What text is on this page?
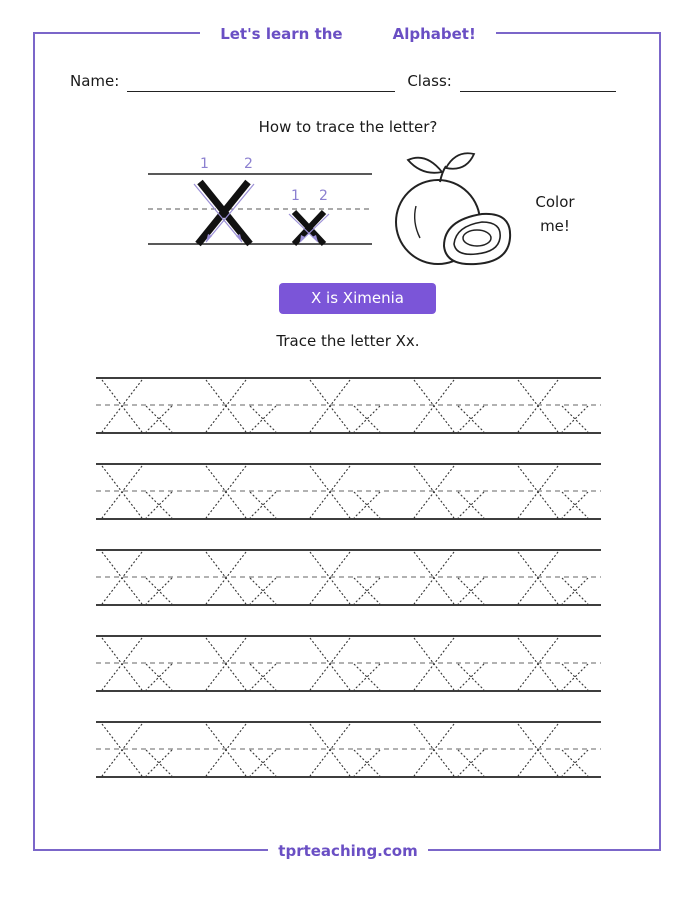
Let's learn the	Alphabet!
Name:	Class:
How to trace the letter?
1	2
1 2	Color
me!
X is Ximenia
Trace the letter Xx.
tprteaching.com
